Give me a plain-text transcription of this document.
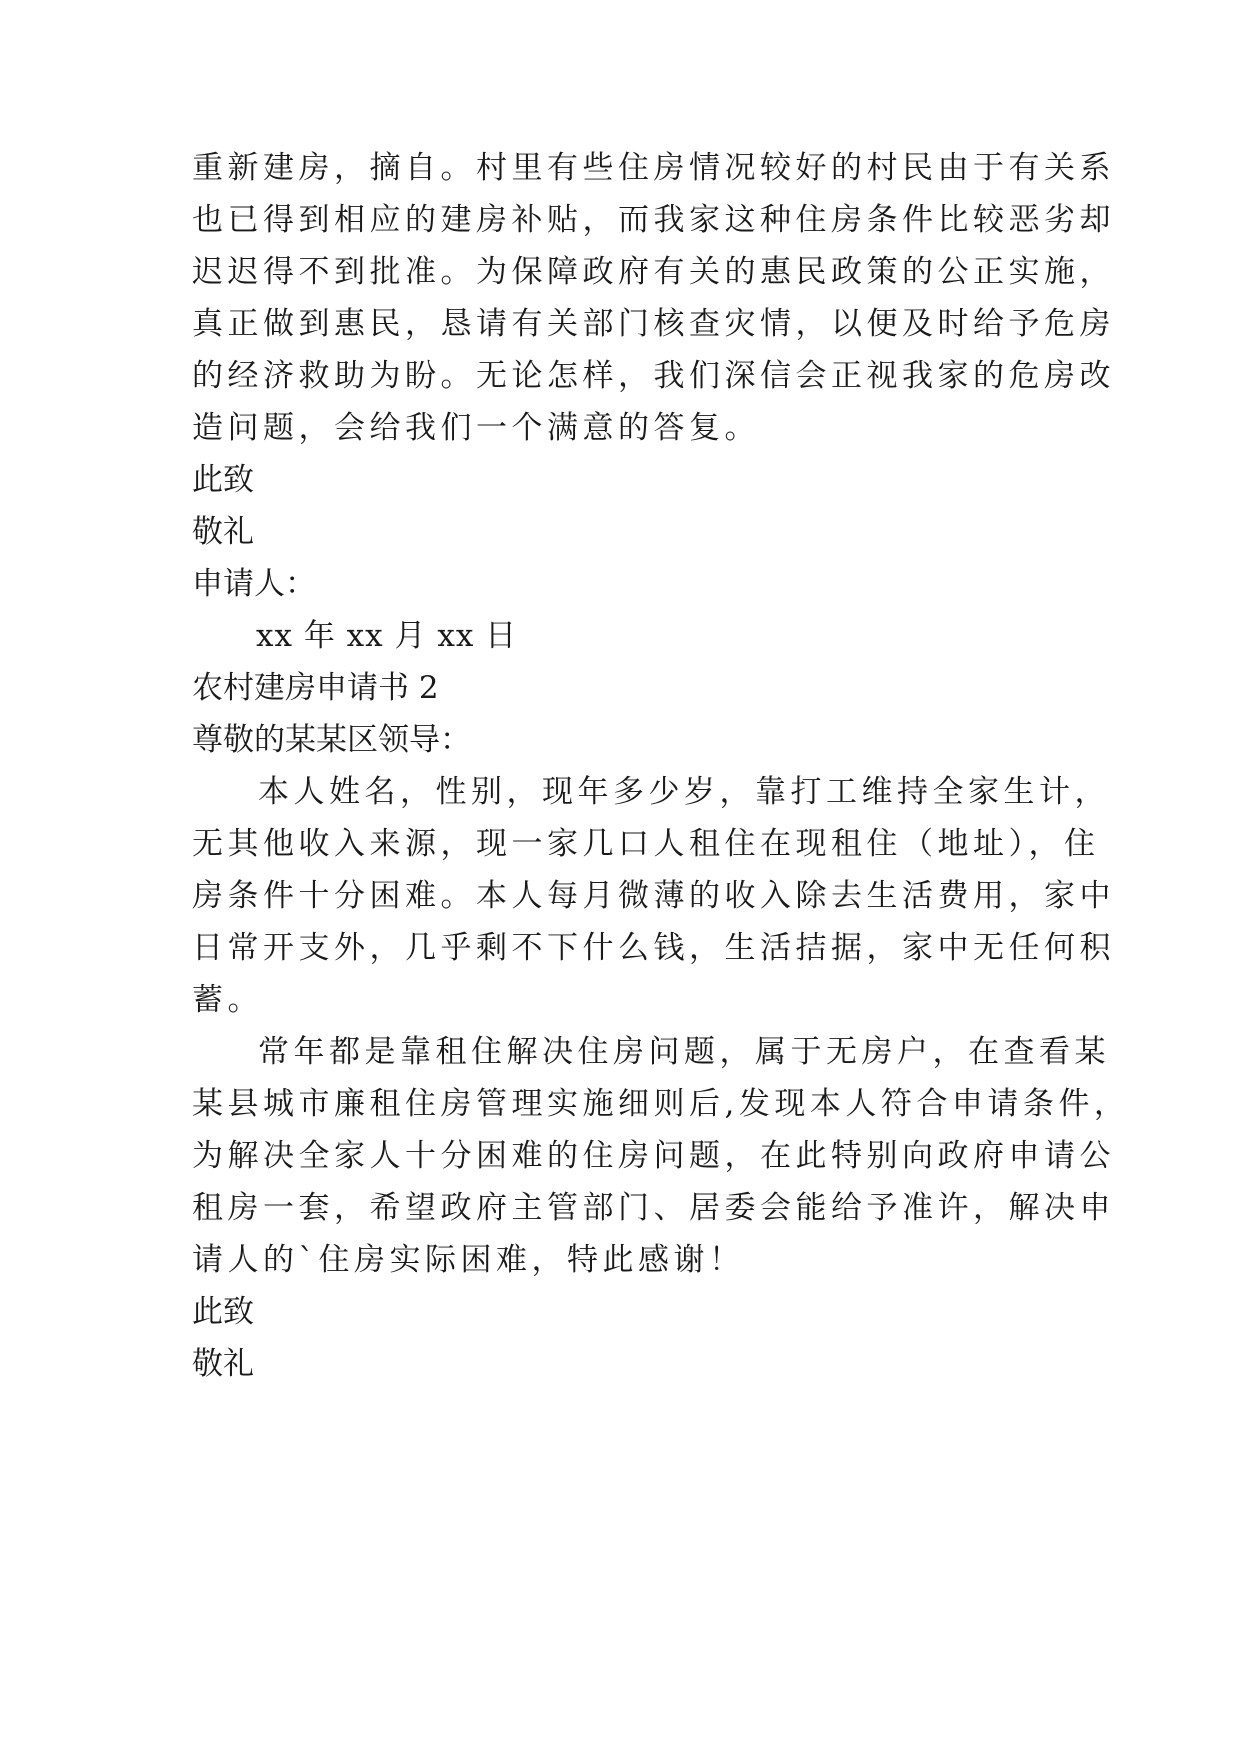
重新建房，摘自。村里有些住房情况较好的村民由于有关系
也已得到相应的建房补贴，而我家这种住房条件比较恶劣却
迟迟得不到批准。为保障政府有关的惠民政策的公正实施，
真正做到惠民，恳请有关部门核查灾情，以便及时给予危房
的经济救助为盼。无论怎样，我们深信会正视我家的危房改
造问题，会给我们一个满意的答复。
此致
敬礼
申请人：
xx 年 xx 月 xx 日
农村建房申请书 2
尊敬的某某区领导：
本人姓名，性别，现年多少岁，靠打工维持全家生计，
无其他收入来源，现一家几口人租住在现租住（地址），住
房条件十分困难。本人每月微薄的收入除去生活费用，家中
日常开支外，几乎剩不下什么钱，生活拮据，家中无任何积
蓄。
常年都是靠租住解决住房问题，属于无房户，在查看某
某县城市廉租住房管理实施细则后,发现本人符合申请条件，
为解决全家人十分困难的住房问题，在此特别向政府申请公
租房一套，希望政府主管部门、居委会能给予准许，解决申
请人的`住房实际困难，特此感谢！
此致
敬礼
